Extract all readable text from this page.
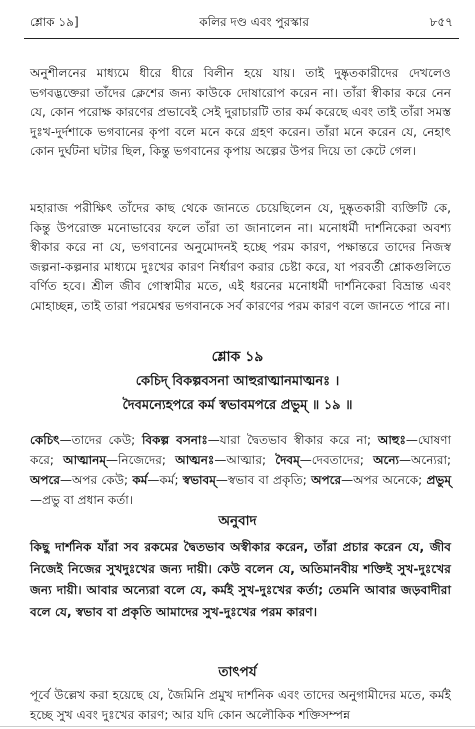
শ্লোক ১৯]	কলির দণ্ড এবং পুরস্কার	৮৫৭

অনুশীলনের মাধ্যমে ধীরে ধীরে বিলীন হয়ে যায়। তাই দুষ্কৃতকারীদের দেখলেও ভগবদ্ভক্তেরা তাঁদের ক্লেশের জন্য কাউকে দোষারোপ করেন না। তাঁরা স্বীকার করে নেন যে, কোন পরোক্ষ কারণের প্রভাবেই সেই দুরাচারটি তার কর্ম করেছে এবং তাই তাঁরা সমস্ত দুঃখ-দুর্দশাকে ভগবানের কৃপা বলে মনে করে গ্রহণ করেন। তাঁরা মনে করেন যে, নেহাৎ কোন দুর্ঘটনা ঘটার ছিল, কিন্তু ভগবানের কৃপায় অল্পের উপর দিয়ে তা কেটে গেল।

মহারাজ পরীক্ষিৎ তাঁদের কাছ থেকে জানতে চেয়েছিলেন যে, দুষ্কৃতকারী ব্যক্তিটি কে, কিন্তু উপরোক্ত মনোভাবের ফলে তাঁরা তা জানালেন না। মনোধর্মী দার্শনিকেরা অবশ্য স্বীকার করে না যে, ভগবানের অনুমোদনই হচ্ছে পরম কারণ, পক্ষান্তরে তাদের নিজস্ব জল্পনা-কল্পনার মাধ্যমে দুঃখের কারণ নির্ধারণ করার চেষ্টা করে, যা পরবর্তী শ্লোকগুলিতে বর্ণিত হবে। শ্রীল জীব গোস্বামীর মতে, এই ধরনের মনোধর্মী দার্শনিকেরা বিভ্রান্ত এবং মোহাচ্ছন্ন, তাই তারা পরমেশ্বর ভগবানকে সর্ব কারণের পরম কারণ বলে জানতে পারে না।

শ্লোক ১৯
কেচিদ্ বিকল্পবসনা আহুরাত্মানমাত্মনঃ ।
দৈবমন্যেহপরে কর্ম স্বভাবমপরে প্রভুম্ ॥ ১৯ ॥

কেচিৎ—তাদের কেউ; বিকল্প বসনাঃ—যারা দ্বৈতভাব স্বীকার করে না; আহুঃ—ঘোষণা করে; আত্মানম্—নিজেদের; আত্মনঃ—আত্মার; দৈবম্—দেবতাদের; অন্যে—অন্যেরা; অপরে—অপর কেউ; কর্ম—কর্ম; স্বভাবম্—স্বভাব বা প্রকৃতি; অপরে—অপর অনেকে; প্রভুম্—প্রভু বা প্রধান কর্তা।

অনুবাদ

কিছু দার্শনিক যাঁরা সব রকমের দ্বৈতভাব অস্বীকার করেন, তাঁরা প্রচার করেন যে, জীব নিজেই নিজের সুখদুঃখের জন্য দায়ী। কেউ বলেন যে, অতিমানবীয় শক্তিই সুখ-দুঃখের জন্য দায়ী। আবার অন্যেরা বলে যে, কর্মই সুখ-দুঃখের কর্তা; তেমনি আবার জড়বাদীরা বলে যে, স্বভাব বা প্রকৃতি আমাদের সুখ-দুঃখের পরম কারণ।

তাৎপর্য

পূর্বে উল্লেখ করা হয়েছে যে, জৈমিনি প্রমুখ দার্শনিক এবং তাদের অনুগামীদের মতে, কর্মই হচ্ছে সুখ এবং দুঃখের কারণ; আর যদি কোন অলৌকিক শক্তিসম্পন্ন
